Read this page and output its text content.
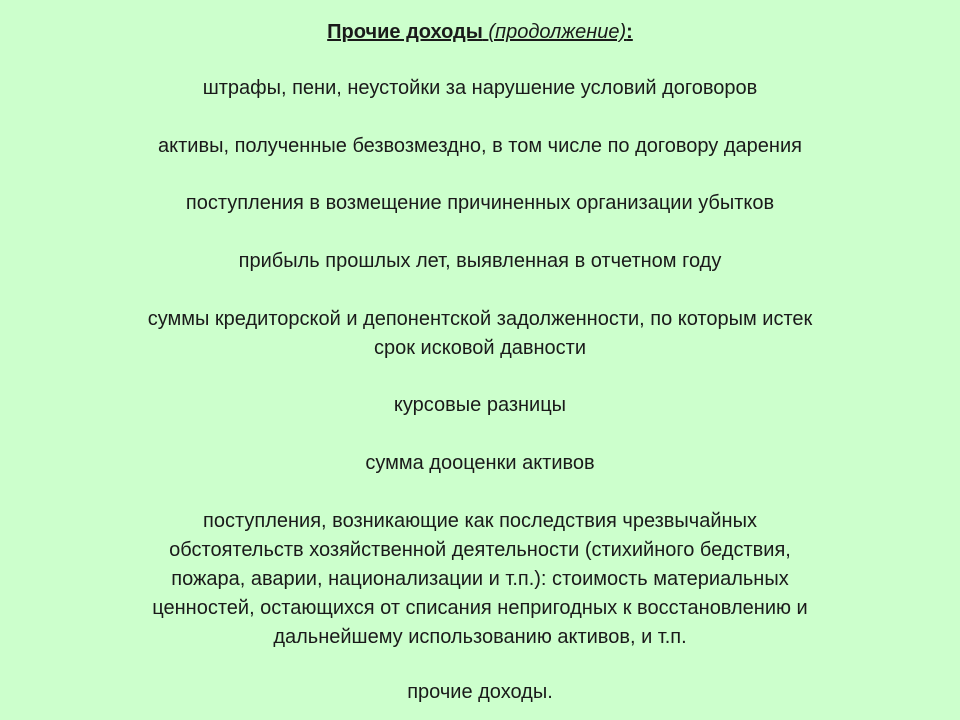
Прочие доходы (продолжение):

штрафы, пени, неустойки за нарушение условий договоров

активы, полученные безвозмездно, в том числе по договору дарения

поступления в возмещение причиненных организации убытков

прибыль прошлых лет, выявленная в отчетном году

суммы кредиторской и депонентской задолженности, по которым истек
срок исковой давности

курсовые разницы

сумма дооценки активов

поступления, возникающие как последствия чрезвычайных
обстоятельств хозяйственной деятельности (стихийного бедствия,
пожара, аварии, национализации и т.п.): стоимость материальных
ценностей, остающихся от списания непригодных к восстановлению и
дальнейшему использованию активов, и т.п.

прочие доходы.
